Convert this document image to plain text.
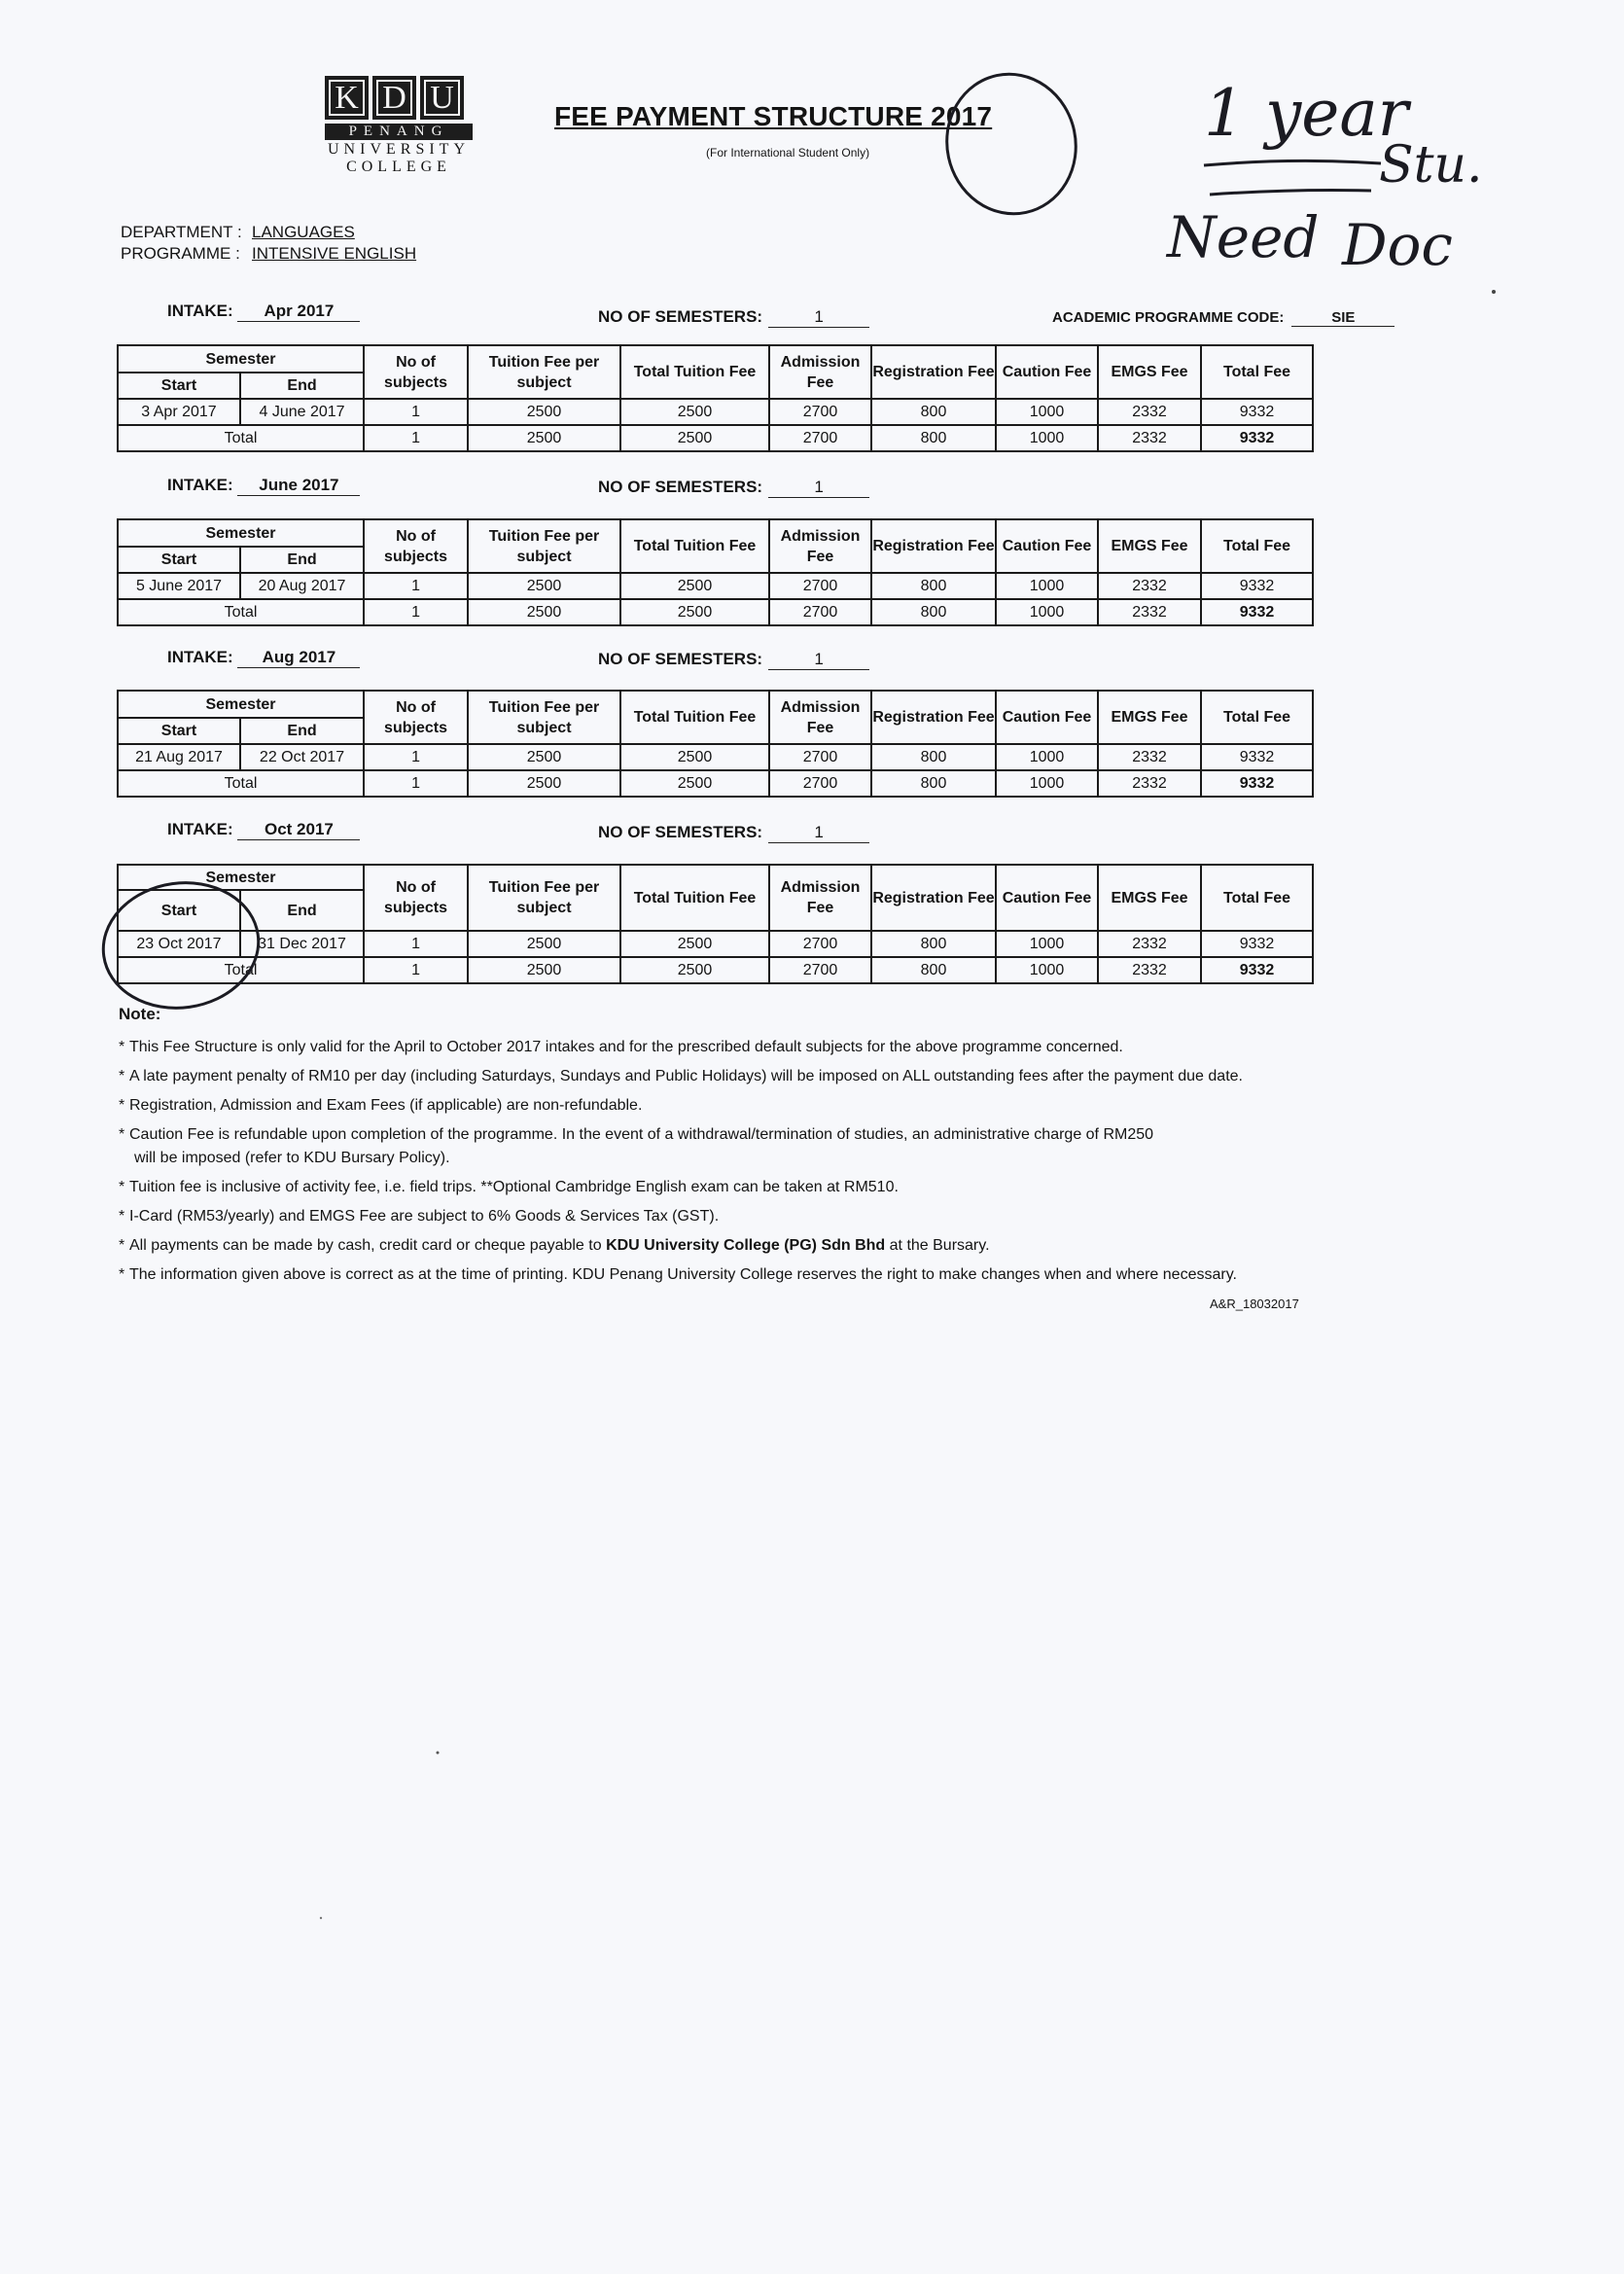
K D U
PENANG
UNIVERSITY
COLLEGE
FEE PAYMENT STRUCTURE 2017
(For International Student Only)
DEPARTMENT : LANGUAGES
PROGRAMME : INTENSIVE ENGLISH
INTAKE: Apr 2017	NO OF SEMESTERS:	1	ACADEMIC PROGRAMME CODE:	SIE
Semester		No of subjects	Tuition Fee per subject	Total Tuition Fee	Admission Fee	Registration Fee	Caution Fee	EMGS Fee	Total Fee
Start	End								
3 Apr 2017	4 June 2017	1	2500	2500	2700	800	1000	2332	9332
Total		1	2500	2500	2700	800	1000	2332	9332
INTAKE: June 2017	NO OF SEMESTERS:	1
Semester		No of subjects	Tuition Fee per subject	Total Tuition Fee	Admission Fee	Registration Fee	Caution Fee	EMGS Fee	Total Fee
Start	End								
5 June 2017	20 Aug 2017	1	2500	2500	2700	800	1000	2332	9332
Total		1	2500	2500	2700	800	1000	2332	9332
INTAKE: Aug 2017	NO OF SEMESTERS:	1
Semester		No of subjects	Tuition Fee per subject	Total Tuition Fee	Admission Fee	Registration Fee	Caution Fee	EMGS Fee	Total Fee
Start	End								
21 Aug 2017	22 Oct 2017	1	2500	2500	2700	800	1000	2332	9332
Total		1	2500	2500	2700	800	1000	2332	9332
INTAKE: Oct 2017	NO OF SEMESTERS:	1
Semester		No of subjects	Tuition Fee per subject	Total Tuition Fee	Admission Fee	Registration Fee	Caution Fee	EMGS Fee	Total Fee
Start	End								
23 Oct 2017	31 Dec 2017	1	2500	2500	2700	800	1000	2332	9332
Total		1	2500	2500	2700	800	1000	2332	9332
Note:
* This Fee Structure is only valid for the April to October 2017 intakes and for the prescribed default subjects for the above programme concerned.
* A late payment penalty of RM10 per day (including Saturdays, Sundays and Public Holidays) will be imposed on ALL outstanding fees after the payment due date.
* Registration, Admission and Exam Fees (if applicable) are non-refundable.
* Caution Fee is refundable upon completion of the programme. In the event of a withdrawal/termination of studies, an administrative charge of RM250
will be imposed (refer to KDU Bursary Policy).
* Tuition fee is inclusive of activity fee, i.e. field trips. **Optional Cambridge English exam can be taken at RM510.
* I-Card (RM53/yearly) and EMGS Fee are subject to 6% Goods & Services Tax (GST).
* All payments can be made by cash, credit card or cheque payable to KDU University College (PG) Sdn Bhd at the Bursary.
* The information given above is correct as at the time of printing. KDU Penang University College reserves the right to make changes when and where necessary.
A&R_18032017
1 year
Stu.
Need Doc
